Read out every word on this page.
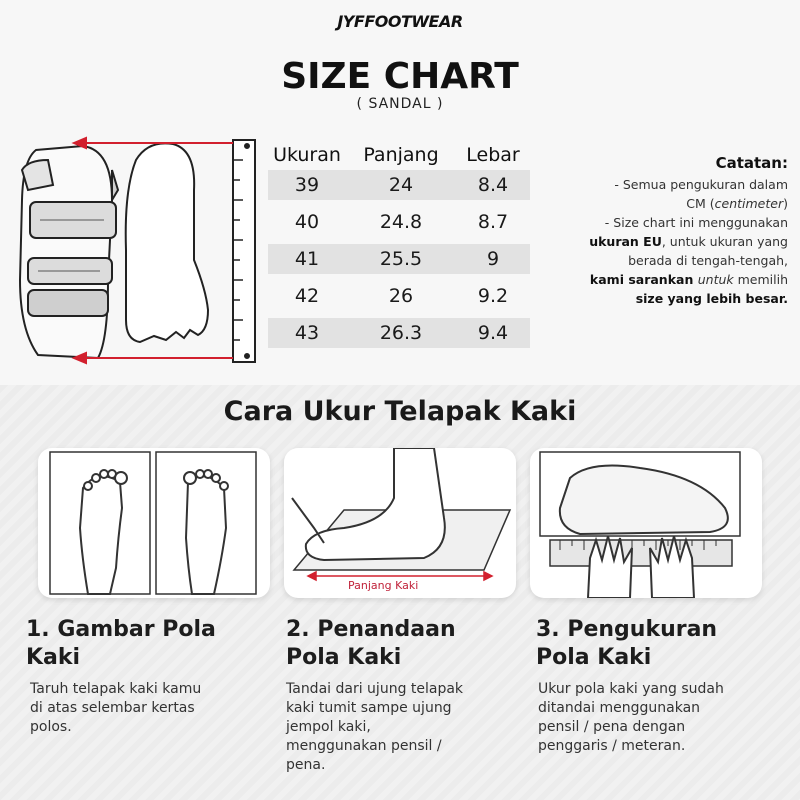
JYFFOOTWEAR
SIZE CHART
( SANDAL )
Ukuran	Panjang	Lebar
39	24	8.4
40	24.8	8.7
41	25.5	9
42	26	9.2
43	26.3	9.4
Catatan:
- Semua pengukuran dalam
CM (centimeter)
- Size chart ini menggunakan
ukuran EU, untuk ukuran yang
berada di tengah-tengah,
kami sarankan untuk memilih
size yang lebih besar.
Cara Ukur Telapak Kaki
Panjang Kaki
1. Gambar Pola
Kaki
Taruh telapak kaki kamu
di atas selembar kertas
polos.
2. Penandaan
Pola Kaki
Tandai dari ujung telapak
kaki tumit sampe ujung
jempol kaki,
menggunakan pensil /
pena.
3. Pengukuran
Pola Kaki
Ukur pola kaki yang sudah
ditandai menggunakan
pensil / pena dengan
penggaris / meteran.
